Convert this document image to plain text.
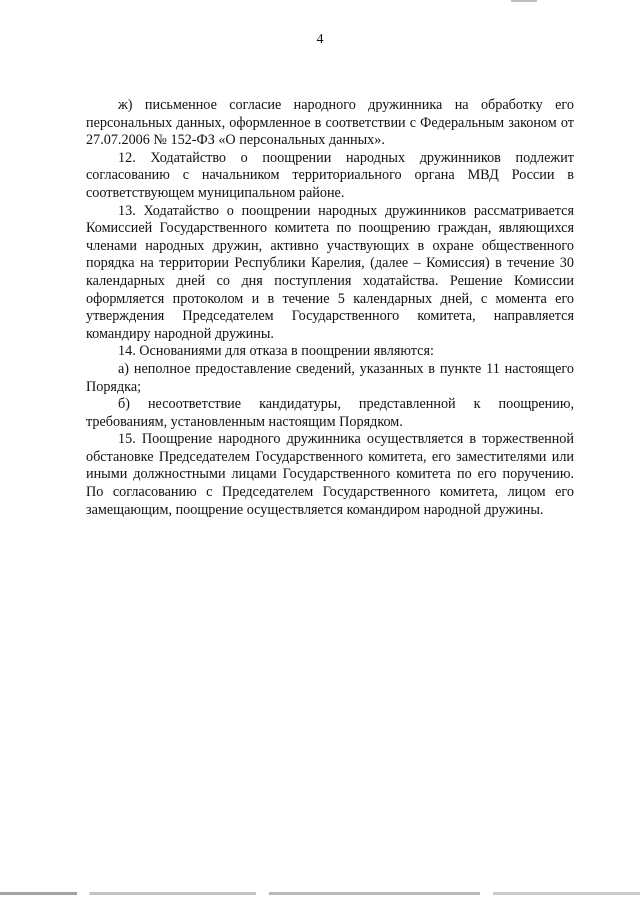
4

ж) письменное согласие народного дружинника на обработку его персональных данных, оформленное в соответствии с Федеральным законом от 27.07.2006 № 152-ФЗ «О персональных данных».

12. Ходатайство о поощрении народных дружинников подлежит согласованию с начальником территориального органа МВД России в соответствующем муниципальном районе.

13. Ходатайство о поощрении народных дружинников рассматривается Комиссией Государственного комитета по поощрению граждан, являющихся членами народных дружин, активно участвующих в охране общественного порядка на территории Республики Карелия, (далее – Комиссия) в течение 30 календарных дней со дня поступления ходатайства. Решение Комиссии оформляется протоколом и в течение 5 календарных дней, с момента его утверждения Председателем Государственного комитета, направляется командиру народной дружины.

14. Основаниями для отказа в поощрении являются:

а) неполное предоставление сведений, указанных в пункте 11 настоящего Порядка;

б) несоответствие кандидатуры, представленной к поощрению, требованиям, установленным настоящим Порядком.

15. Поощрение народного дружинника осуществляется в торжественной обстановке Председателем Государственного комитета, его заместителями или иными должностными лицами Государственного комитета по его поручению. По согласованию с Председателем Государственного комитета, лицом его замещающим, поощрение осуществляется командиром народной дружины.
